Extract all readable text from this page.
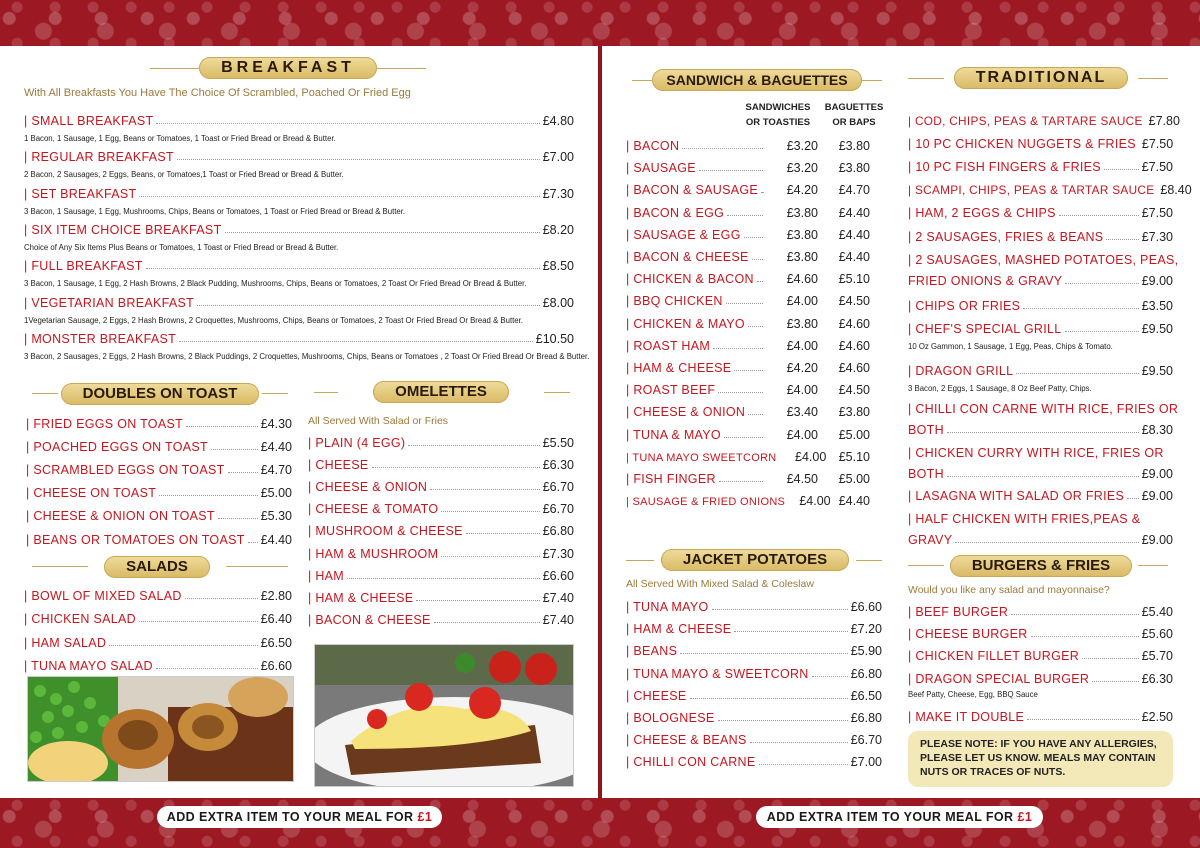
BREAKFAST
With All Breakfasts You Have The Choice Of Scrambled, Poached Or Fried Egg
| SMALL BREAKFAST	£4.80
1 Bacon, 1 Sausage, 1 Egg, Beans or Tomatoes, 1 Toast or Fried Bread or Bread & Butter.
| REGULAR BREAKFAST	£7.00
2 Bacon, 2 Sausages, 2 Eggs, Beans, or Tomatoes,1 Toast or Fried Bread or Bread & Butter.
| SET BREAKFAST	£7.30
3 Bacon, 1 Sausage, 1 Egg, Mushrooms, Chips, Beans or Tomatoes, 1 Toast or Fried Bread or Bread & Butter.
| SIX ITEM CHOICE BREAKFAST	£8.20
Choice of Any Six Items Plus Beans or Tomatoes, 1 Toast or Fried Bread or Bread & Butter.
| FULL BREAKFAST	£8.50
3 Bacon, 1 Sausage, 1 Egg, 2 Hash Browns, 2 Black Pudding, Mushrooms, Chips, Beans or Tomatoes, 2 Toast Or Fried Bread Or Bread & Butter.
| VEGETARIAN BREAKFAST	£8.00
1Vegetarian Sausage, 2 Eggs, 2 Hash Browns, 2 Croquettes, Mushrooms, Chips, Beans or Tomatoes, 2 Toast Or Fried Bread Or Bread & Butter.
| MONSTER BREAKFAST	£10.50
3 Bacon, 2 Sausages, 2 Eggs, 2 Hash Browns, 2 Black Puddings, 2 Croquettes, Mushrooms, Chips, Beans or Tomatoes , 2 Toast Or Fried Bread Or Bread & Butter.
DOUBLES ON TOAST
| FRIED EGGS ON TOAST	£4.30
| POACHED EGGS ON TOAST	£4.40
| SCRAMBLED EGGS ON TOAST	£4.70
| CHEESE ON TOAST	£5.00
| CHEESE & ONION ON TOAST	£5.30
| BEANS OR TOMATOES ON TOAST £4.40
SALADS
| BOWL OF MIXED SALAD	£2.80
| CHICKEN SALAD	£6.40
| HAM SALAD	£6.50
| TUNA MAYO SALAD	£6.60
OMELETTES
All Served With Salad or Fries
| PLAIN (4 EGG)	£5.50
| CHEESE	£6.30
| CHEESE & ONION	£6.70
| CHEESE & TOMATO	£6.70
| MUSHROOM & CHEESE	£6.80
| HAM & MUSHROOM	£7.30
| HAM	£6.60
| HAM & CHEESE	£7.40
| BACON & CHEESE	£7.40
SANDWICH & BAGUETTES
SANDWICHES
OR TOASTIES
BAGUETTES
OR BAPS
| BACON	£3.20	£3.80
| SAUSAGE	£3.20	£3.80
| BACON & SAUSAGE	£4.20	£4.70
| BACON & EGG	£3.80	£4.40
| SAUSAGE & EGG	£3.80	£4.40
| BACON & CHEESE	£3.80	£4.40
| CHICKEN & BACON	£4.60	£5.10
| BBQ CHICKEN	£4.00	£4.50
| CHICKEN & MAYO	£3.80	£4.60
| ROAST HAM	£4.00	£4.60
| HAM & CHEESE	£4.20	£4.60
| ROAST BEEF	£4.00	£4.50
| CHEESE & ONION	£3.40	£3.80
| TUNA & MAYO	£4.00	£5.00
| TUNA MAYO SWEETCORN	£4.00 £5.10
| FISH FINGER	£4.50	£5.00
| SAUSAGE & FRIED ONIONS	£4.00 £4.40
JACKET POTATOES
All Served With Mixed Salad & Coleslaw
| TUNA MAYO	£6.60
| HAM & CHEESE	£7.20
| BEANS	£5.90
| TUNA MAYO & SWEETCORN	£6.80
| CHEESE	£6.50
| BOLOGNESE	£6.80
| CHEESE & BEANS	£6.70
| CHILLI CON CARNE	£7.00
TRADITIONAL
| COD, CHIPS, PEAS & TARTARE SAUCE £7.80
| 10 PC CHICKEN NUGGETS & FRIES £7.50
| 10 PC FISH FINGERS & FRIES	£7.50
| SCAMPI, CHIPS, PEAS & TARTAR SAUCE £8.40
| HAM, 2 EGGS & CHIPS	£7.50
| 2 SAUSAGES, FRIES & BEANS	£7.30
| 2 SAUSAGES, MASHED POTATOES, PEAS,
FRIED ONIONS & GRAVY	£9.00
| CHIPS OR FRIES	£3.50
| CHEF'S SPECIAL GRILL	£9.50
10 Oz Gammon, 1 Sausage, 1 Egg, Peas, Chips & Tomato.
| DRAGON GRILL	£9.50
3 Bacon, 2 Eggs, 1 Sausage, 8 Oz Beef Patty, Chips.
| CHILLI CON CARNE WITH RICE, FRIES OR
BOTH	£8.30
| CHICKEN CURRY WITH RICE, FRIES OR
BOTH	£9.00
| LASAGNA WITH SALAD OR FRIES £9.00
| HALF CHICKEN WITH FRIES,PEAS &
GRAVY	£9.00
BURGERS & FRIES
Would you like any salad and mayonnaise?
| BEEF BURGER	£5.40
| CHEESE BURGER	£5.60
| CHICKEN FILLET BURGER	£5.70
| DRAGON SPECIAL BURGER	£6.30
Beef Patty, Cheese, Egg, BBQ Sauce
| MAKE IT DOUBLE	£2.50
PLEASE NOTE: IF YOU HAVE ANY ALLERGIES, PLEASE LET US KNOW. MEALS MAY CONTAIN NUTS OR TRACES OF NUTS.
ADD EXTRA ITEM TO YOUR MEAL FOR £1	ADD EXTRA ITEM TO YOUR MEAL FOR £1
